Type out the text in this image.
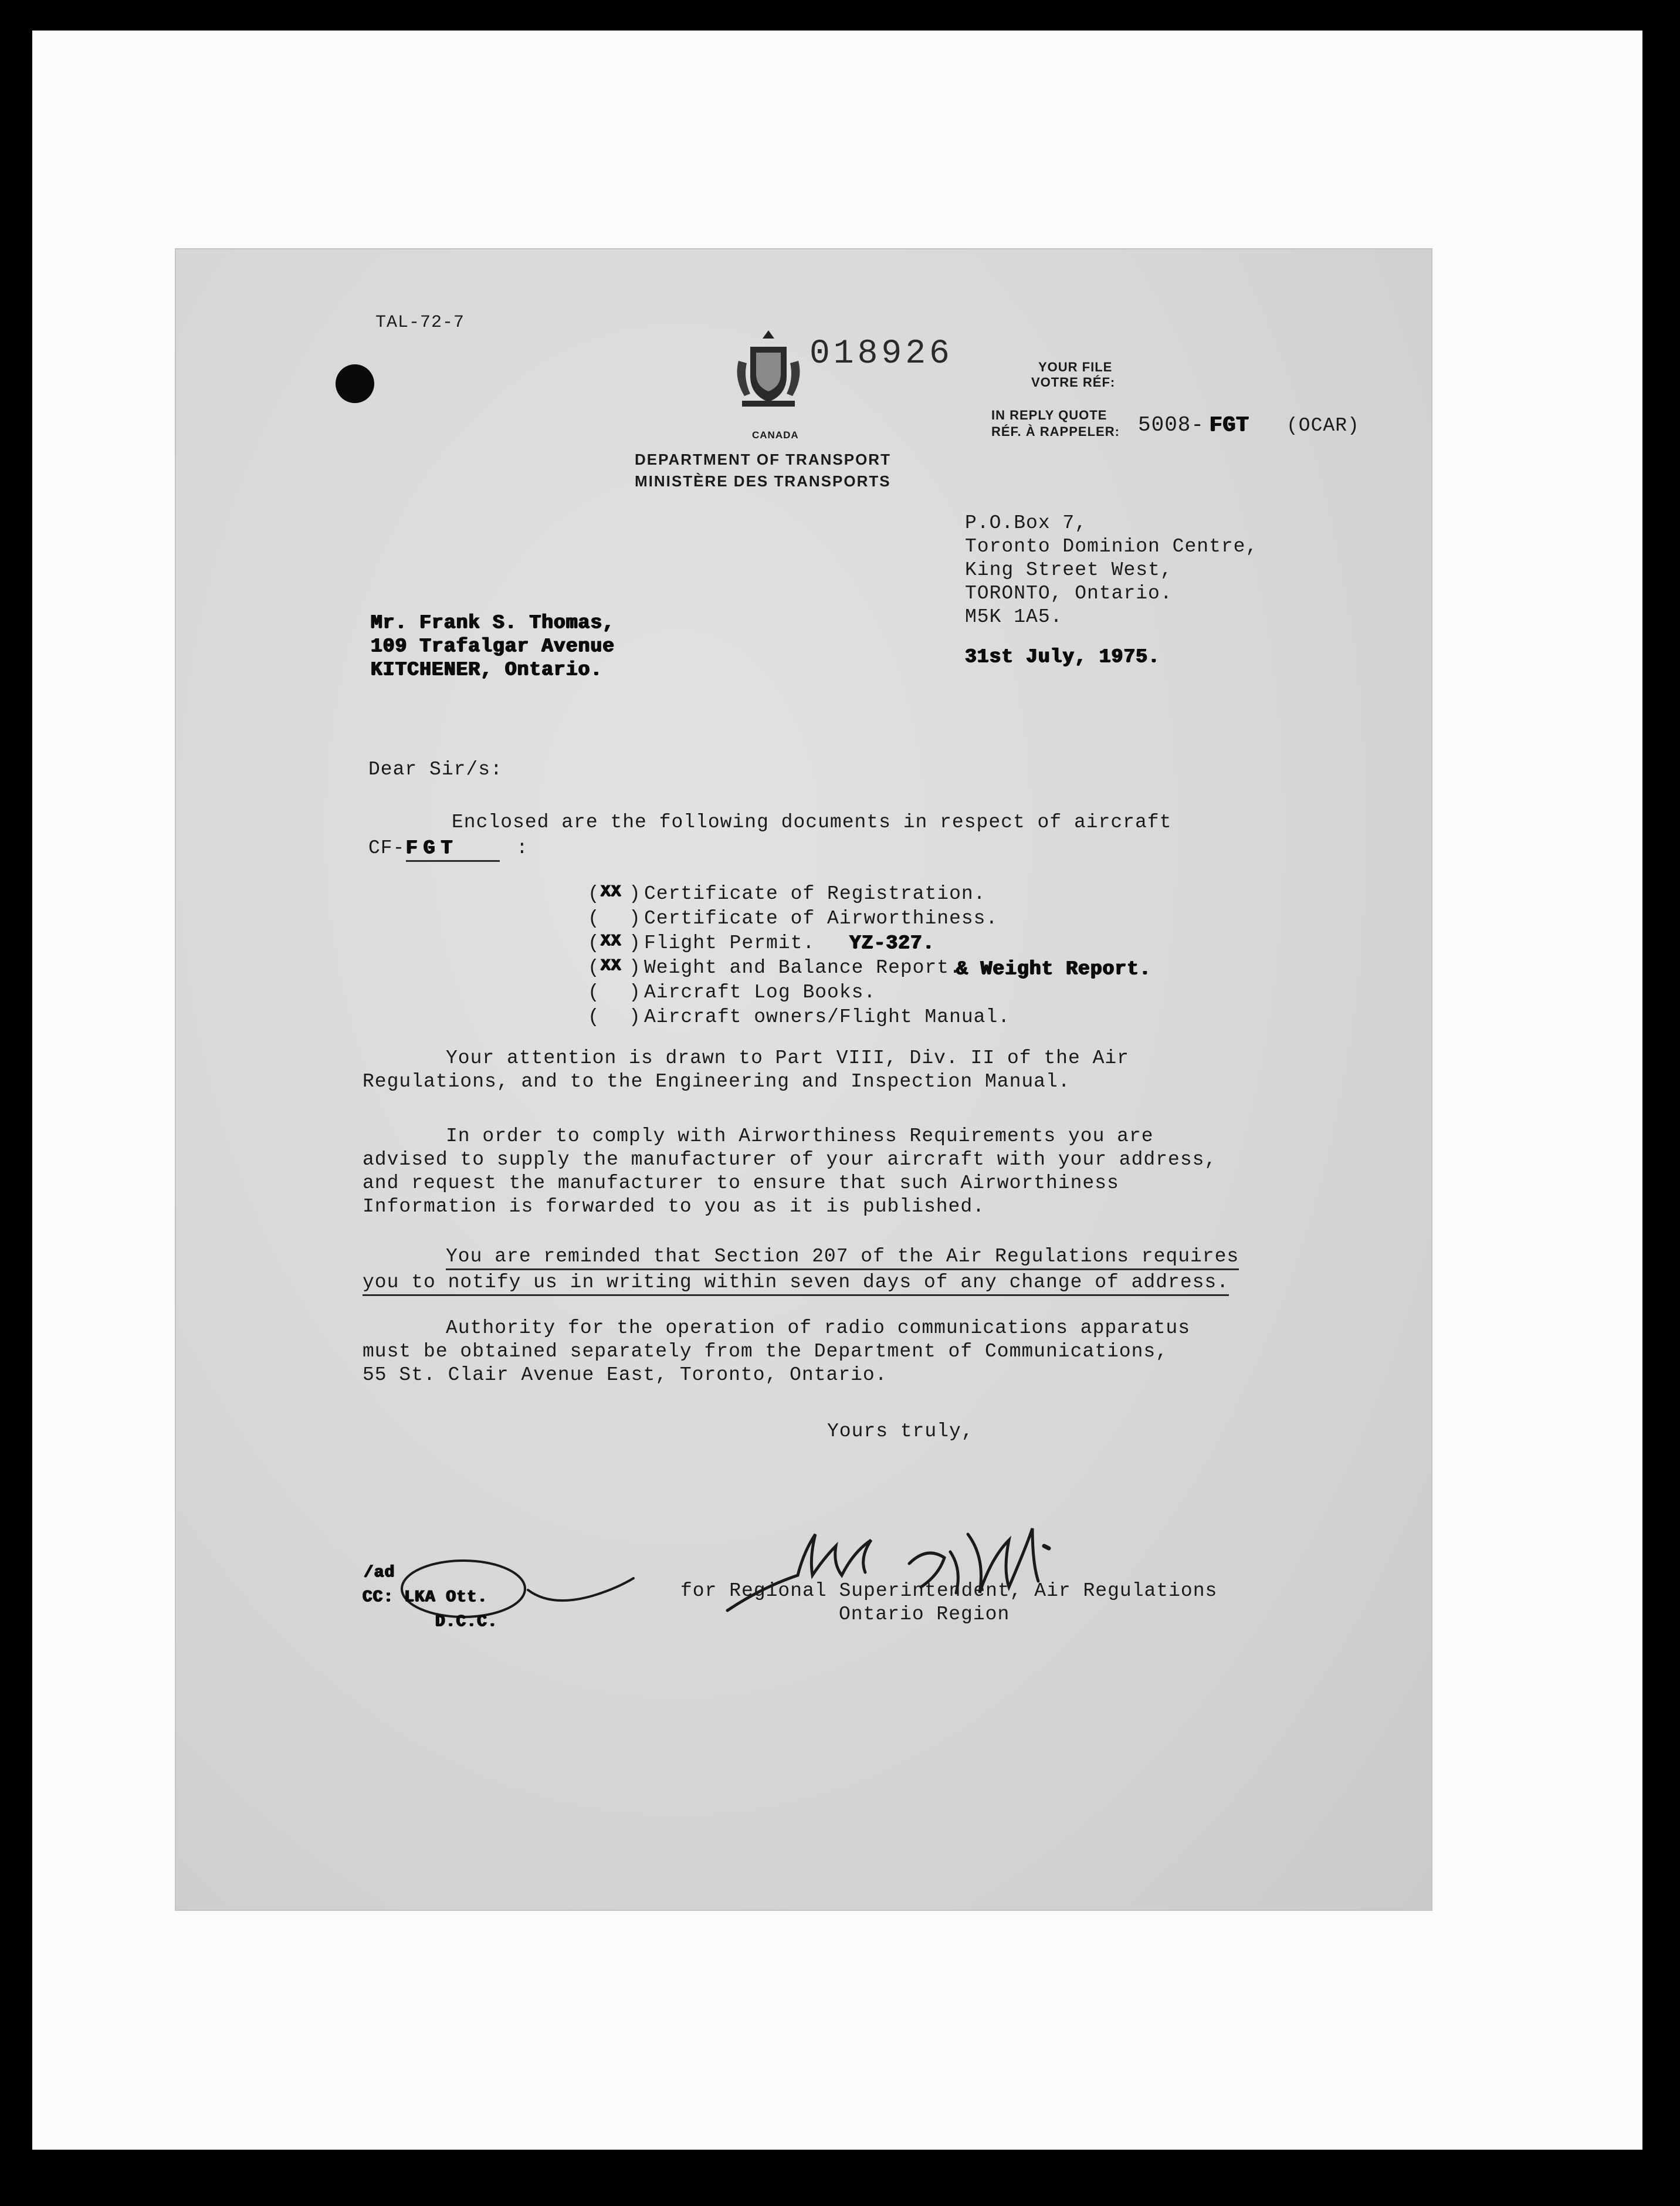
TAL-72-7
CANADA
018926
DEPARTMENT OF TRANSPORT
MINISTÈRE DES TRANSPORTS
YOUR FILE
VOTRE RÉF:
IN REPLY QUOTE
RÉF. À RAPPELER: 5008- FGT (OCAR)
P.O.Box 7,
Toronto Dominion Centre,
King Street West,
TORONTO, Ontario.
M5K 1A5.
31st July, 1975.
Mr. Frank S. Thomas,
109 Trafalgar Avenue
KITCHENER, Ontario.
Dear Sir/s:
Enclosed are the following documents in respect of aircraft
CF- FGT	:
( XX ) Certificate of Registration.
( ) Certificate of Airworthiness.
( XX ) Flight Permit. YZ-327.
( XX ) Weight and Balance Report.
& Weight Report.
( ) Aircraft Log Books.
( ) Aircraft owners/Flight Manual.
Your attention is drawn to Part VIII, Div. II of the Air
Regulations, and to the Engineering and Inspection Manual.
In order to comply with Airworthiness Requirements you are
advised to supply the manufacturer of your aircraft with your address,
and request the manufacturer to ensure that such Airworthiness
Information is forwarded to you as it is published.
You are reminded that Section 207 of the Air Regulations requires
you to notify us in writing within seven days of any change of address.
Authority for the operation of radio communications apparatus
must be obtained separately from the Department of Communications,
55 St. Clair Avenue East, Toronto, Ontario.
Yours truly,
for Regional Superintendent, Air Regulations
Ontario Region
/ad
CC: LKA Ott.
D.C.C.
